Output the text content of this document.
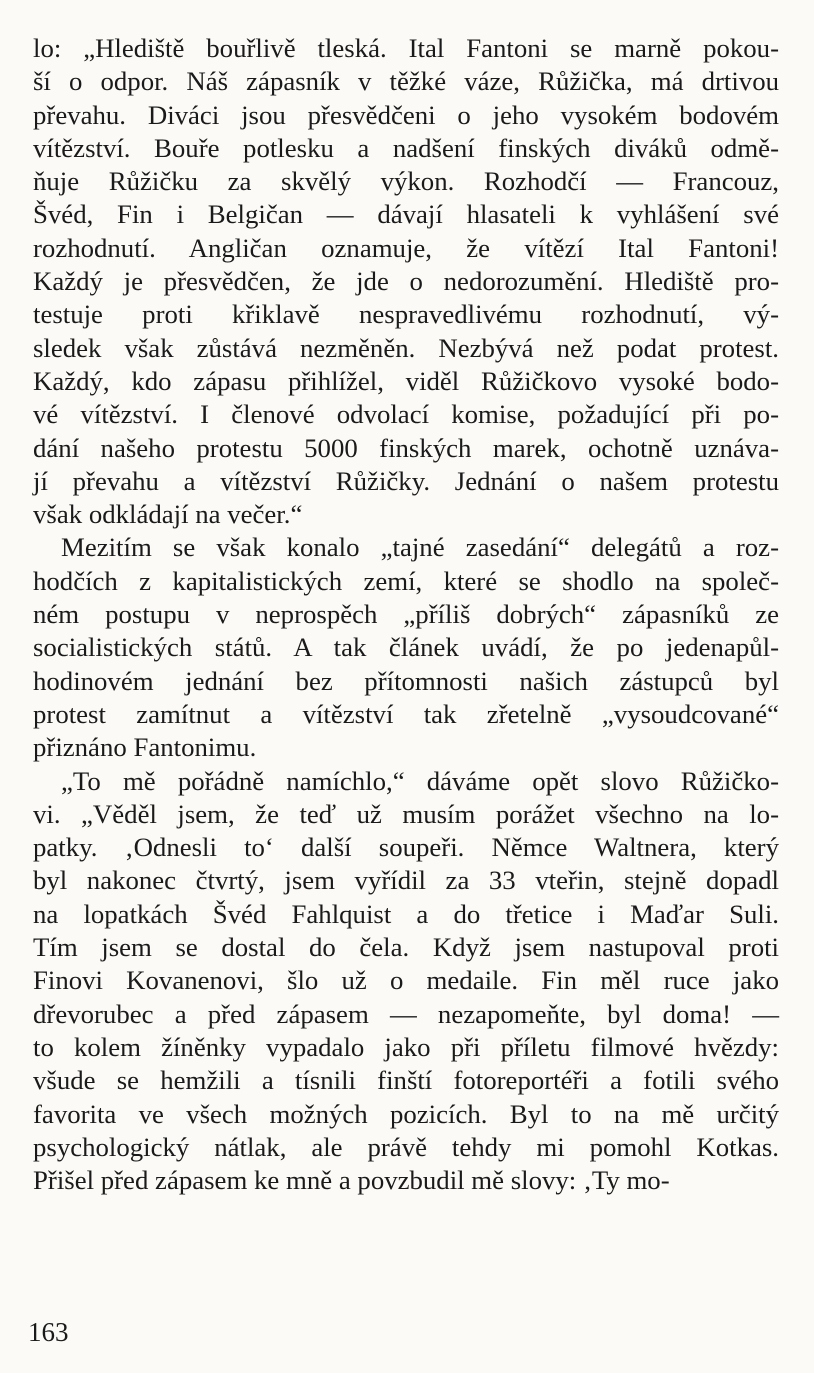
lo: „Hlediště bouřlivě tleská. Ital Fantoni se marně pokou-
ší o odpor. Náš zápasník v těžké váze, Růžička, má drtivou
převahu. Diváci jsou přesvědčeni o jeho vysokém bodovém
vítězství. Bouře potlesku a nadšení finských diváků odmě-
ňuje Růžičku za skvělý výkon. Rozhodčí — Francouz,
Švéd, Fin i Belgičan — dávají hlasateli k vyhlášení své
rozhodnutí. Angličan oznamuje, že vítězí Ital Fantoni!
Každý je přesvědčen, že jde o nedorozumění. Hlediště pro-
testuje proti křiklavě nespravedlivému rozhodnutí, vý-
sledek však zůstává nezměněn. Nezbývá než podat protest.
Každý, kdo zápasu přihlížel, viděl Růžičkovo vysoké bodo-
vé vítězství. I členové odvolací komise, požadující při po-
dání našeho protestu 5000 finských marek, ochotně uznáva-
jí převahu a vítězství Růžičky. Jednání o našem protestu
však odkládají na večer.“
Mezitím se však konalo „tajné zasedání“ delegátů a roz-
hodčích z kapitalistických zemí, které se shodlo na společ-
ném postupu v neprospěch „příliš dobrých“ zápasníků ze
socialistických států. A tak článek uvádí, že po jedenapůl-
hodinovém jednání bez přítomnosti našich zástupců byl
protest zamítnut a vítězství tak zřetelně „vysoudcované“
přiznáno Fantonimu.
„To mě pořádně namíchlo,“ dáváme opět slovo Růžičko-
vi. „Věděl jsem, že teď už musím porážet všechno na lo-
patky. ‚Odnesli to‘ další soupeři. Němce Waltnera, který
byl nakonec čtvrtý, jsem vyřídil za 33 vteřin, stejně dopadl
na lopatkách Švéd Fahlquist a do třetice i Maďar Suli.
Tím jsem se dostal do čela. Když jsem nastupoval proti
Finovi Kovanenovi, šlo už o medaile. Fin měl ruce jako
dřevorubec a před zápasem — nezapomeňte, byl doma! —
to kolem žíněnky vypadalo jako při příletu filmové hvězdy:
všude se hemžili a tísnili finští fotoreportéři a fotili svého
favorita ve všech možných pozicích. Byl to na mě určitý
psychologický nátlak, ale právě tehdy mi pomohl Kotkas.
Přišel před zápasem ke mně a povzbudil mě slovy: ‚Ty mo-
163
